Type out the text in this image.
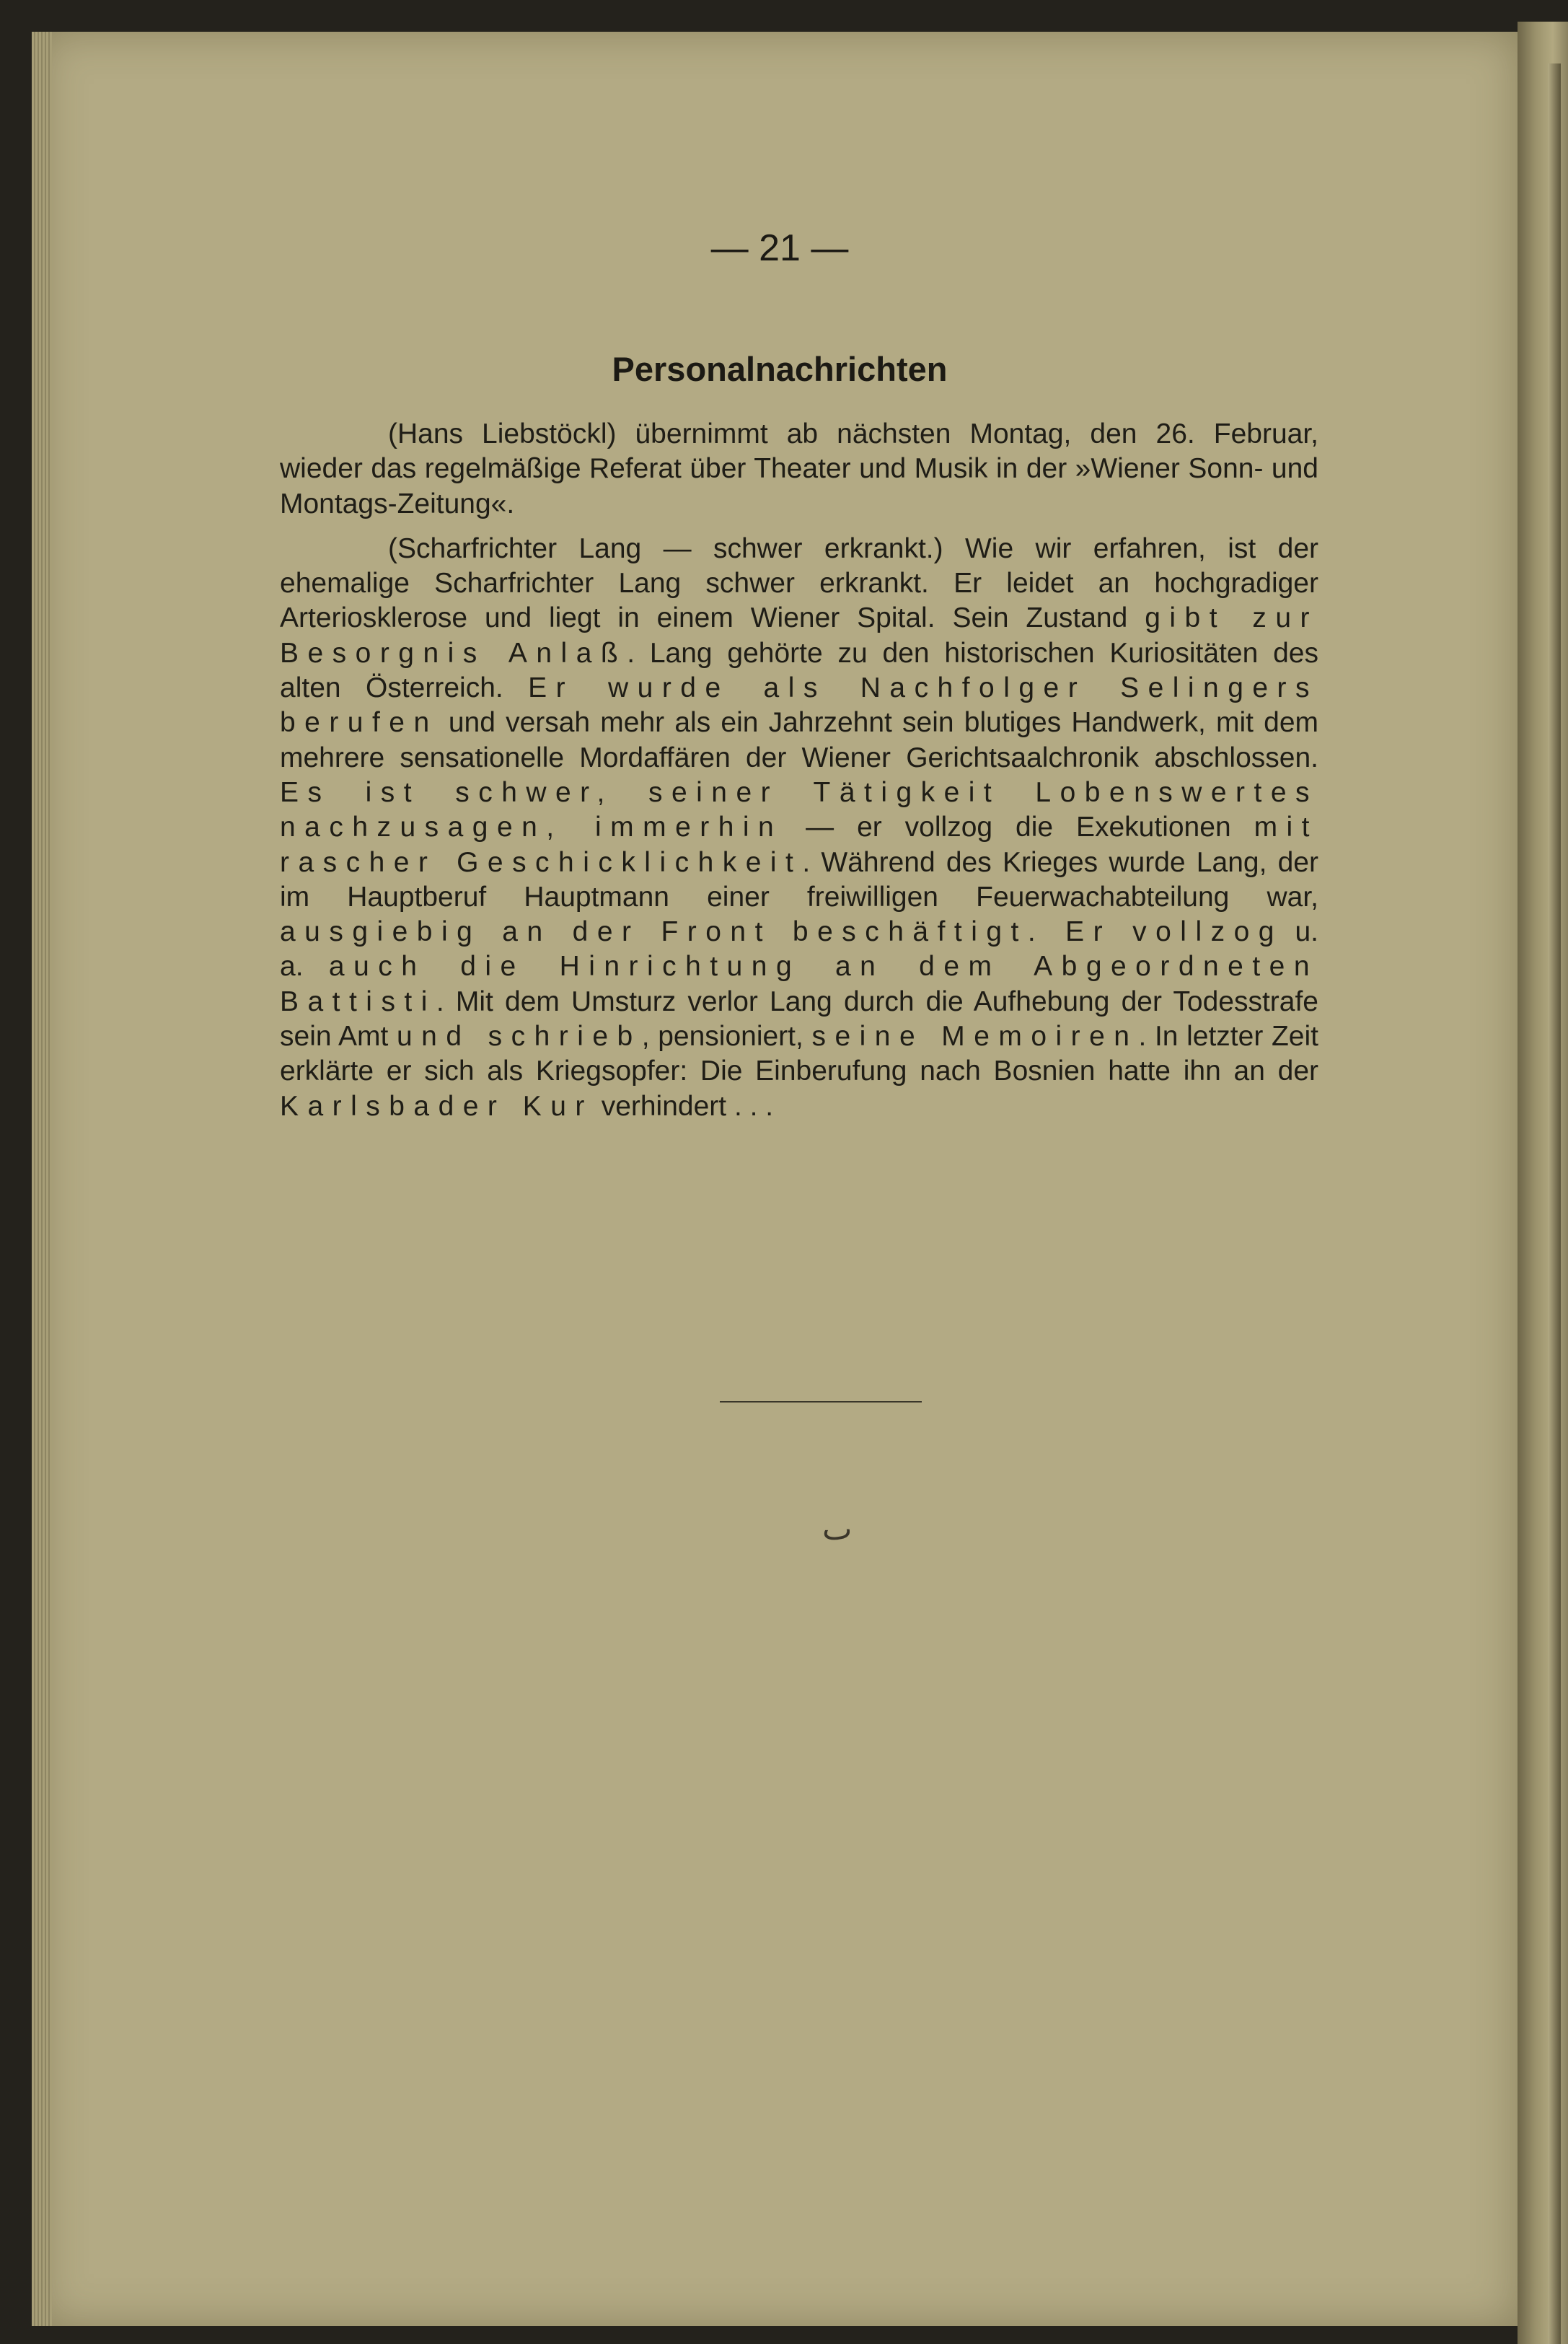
— 21 —
Personalnachrichten

(Hans Liebstöckl) übernimmt ab nächsten Montag, den 26. Februar, wieder das regelmäßige Referat über Theater und Musik in der »Wiener Sonn- und Montags-Zeitung«.

(Scharfrichter Lang — schwer erkrankt.) Wie wir erfahren, ist der ehemalige Scharfrichter Lang schwer erkrankt. Er leidet an hochgradiger Arteriosklerose und liegt in einem Wiener Spital. Sein Zustand gibt zur Besorgnis Anlaß. Lang gehörte zu den historischen Kuriositäten des alten Österreich. Er wurde als Nachfolger Selingers berufen und versah mehr als ein Jahrzehnt sein blutiges Handwerk, mit dem mehrere sensationelle Mordaffären der Wiener Gerichtsaalchronik abschlossen. Es ist schwer, seiner Tätigkeit Lobenswertes nachzusagen, immerhin — er vollzog die Exekutionen mit rascher Geschicklichkeit. Während des Krieges wurde Lang, der im Hauptberuf Hauptmann einer freiwilligen Feuerwachabteilung war, ausgiebig an der Front beschäftigt. Er vollzog u. a. auch die Hinrichtung an dem Abgeordneten Battisti. Mit dem Umsturz verlor Lang durch die Aufhebung der Todesstrafe sein Amt und schrieb, pensioniert, seine Memoiren. In letzter Zeit erklärte er sich als Kriegsopfer: Die Einberufung nach Bosnien hatte ihn an der Karlsbader Kur verhindert . . .

ٮ
